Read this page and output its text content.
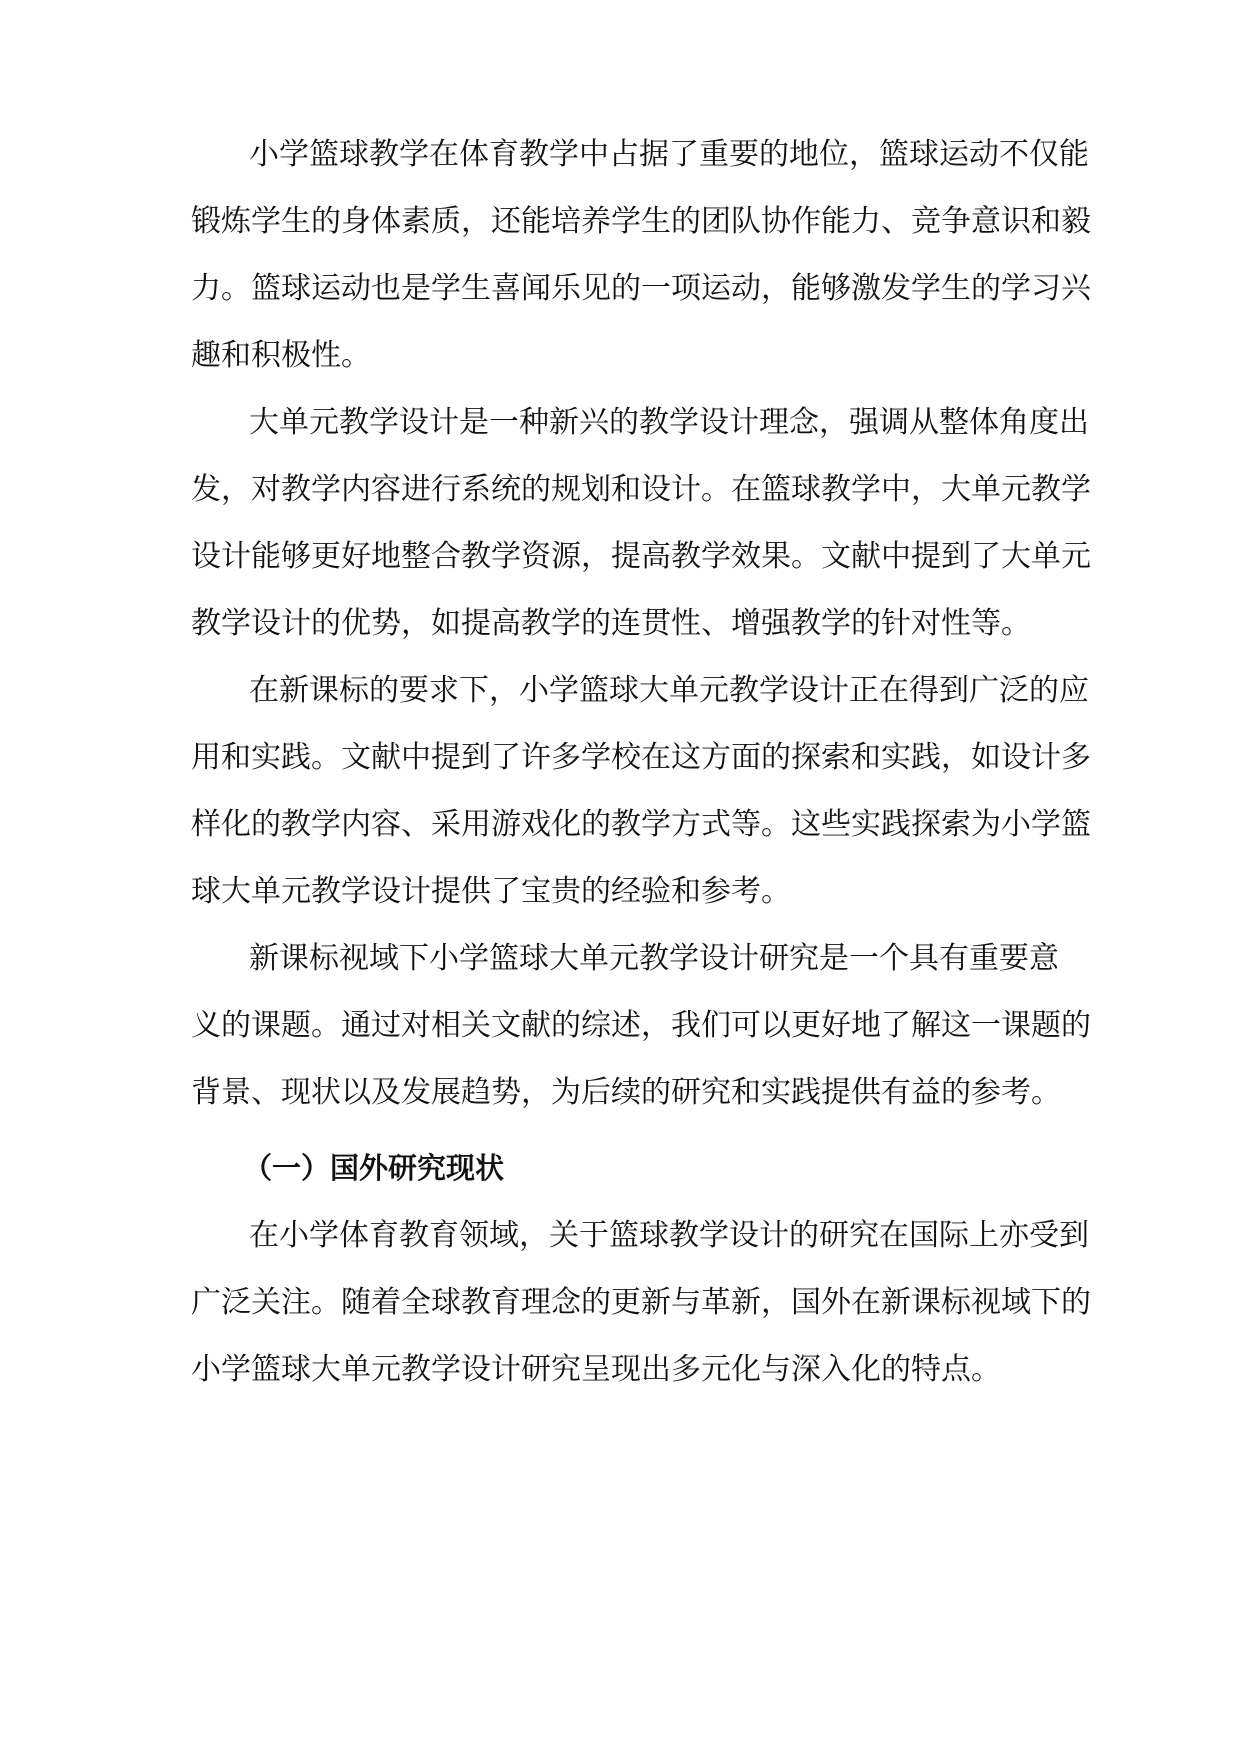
小学篮球教学在体育教学中占据了重要的地位，篮球运动不仅能
锻炼学生的身体素质，还能培养学生的团队协作能力、竞争意识和毅
力。篮球运动也是学生喜闻乐见的一项运动，能够激发学生的学习兴
趣和积极性。
大单元教学设计是一种新兴的教学设计理念，强调从整体角度出
发，对教学内容进行系统的规划和设计。在篮球教学中，大单元教学
设计能够更好地整合教学资源，提高教学效果。文献中提到了大单元
教学设计的优势，如提高教学的连贯性、增强教学的针对性等。
在新课标的要求下，小学篮球大单元教学设计正在得到广泛的应
用和实践。文献中提到了许多学校在这方面的探索和实践，如设计多
样化的教学内容、采用游戏化的教学方式等。这些实践探索为小学篮
球大单元教学设计提供了宝贵的经验和参考。
新课标视域下小学篮球大单元教学设计研究是一个具有重要意
义的课题。通过对相关文献的综述，我们可以更好地了解这一课题的
背景、现状以及发展趋势，为后续的研究和实践提供有益的参考。
（一）国外研究现状
在小学体育教育领域，关于篮球教学设计的研究在国际上亦受到
广泛关注。随着全球教育理念的更新与革新，国外在新课标视域下的
小学篮球大单元教学设计研究呈现出多元化与深入化的特点。
